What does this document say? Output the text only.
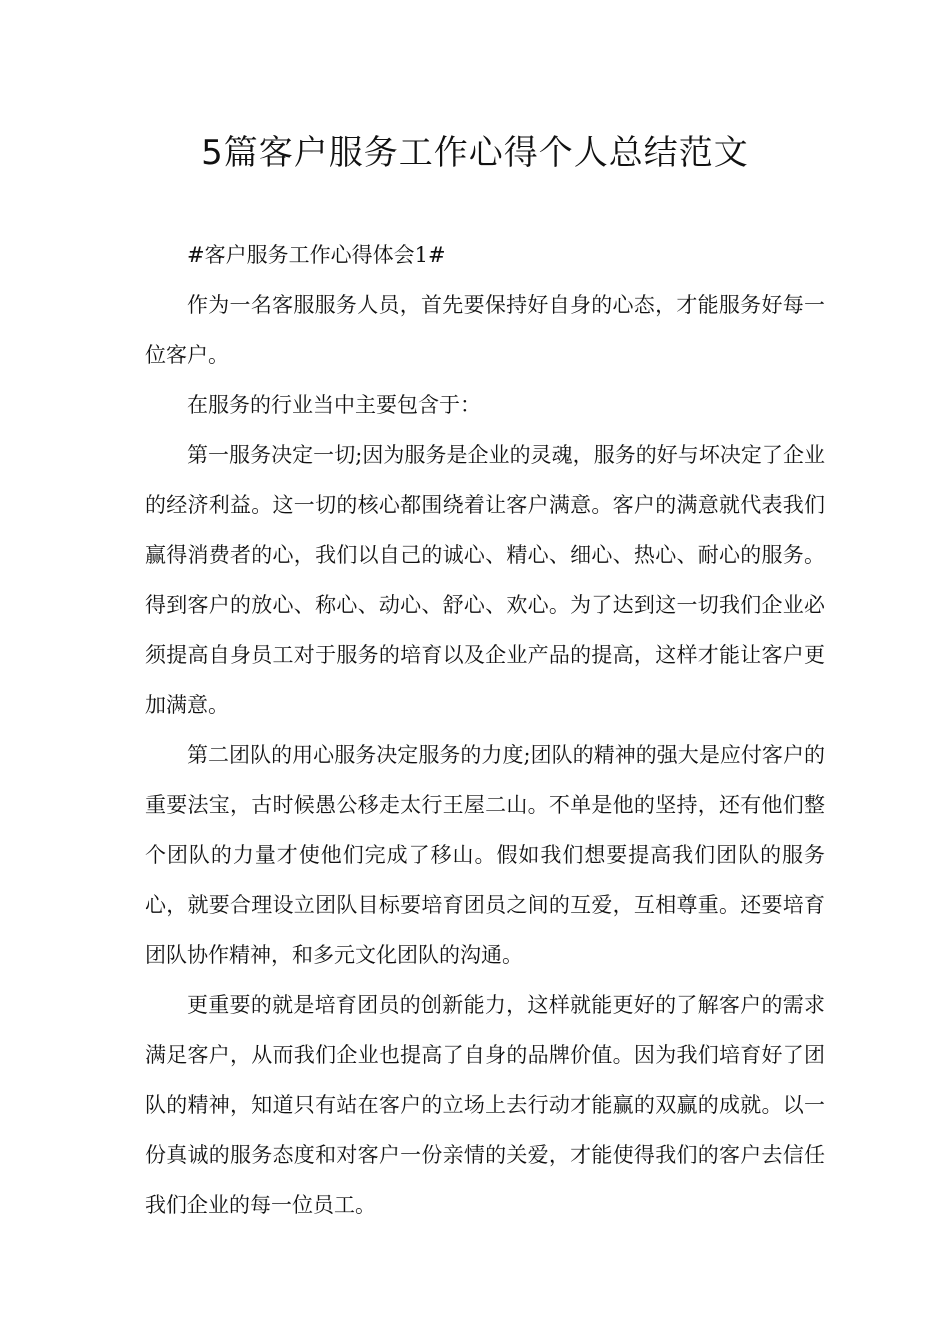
5篇客户服务工作心得个人总结范文

#客户服务工作心得体会1#

作为一名客服服务人员，首先要保持好自身的心态，才能服务好每一位客户。

在服务的行业当中主要包含于：

第一服务决定一切;因为服务是企业的灵魂，服务的好与坏决定了企业的经济利益。这一切的核心都围绕着让客户满意。客户的满意就代表我们赢得消费者的心，我们以自己的诚心、精心、细心、热心、耐心的服务。得到客户的放心、称心、动心、舒心、欢心。为了达到这一切我们企业必须提高自身员工对于服务的培育以及企业产品的提高，这样才能让客户更加满意。

第二团队的用心服务决定服务的力度;团队的精神的强大是应付客户的重要法宝，古时候愚公移走太行王屋二山。不单是他的坚持，还有他们整个团队的力量才使他们完成了移山。假如我们想要提高我们团队的服务心，就要合理设立团队目标要培育团员之间的互爱，互相尊重。还要培育团队协作精神，和多元文化团队的沟通。

更重要的就是培育团员的创新能力，这样就能更好的了解客户的需求满足客户，从而我们企业也提高了自身的品牌价值。因为我们培育好了团队的精神，知道只有站在客户的立场上去行动才能赢的双赢的成就。以一份真诚的服务态度和对客户一份亲情的关爱，才能使得我们的客户去信任我们企业的每一位员工。
